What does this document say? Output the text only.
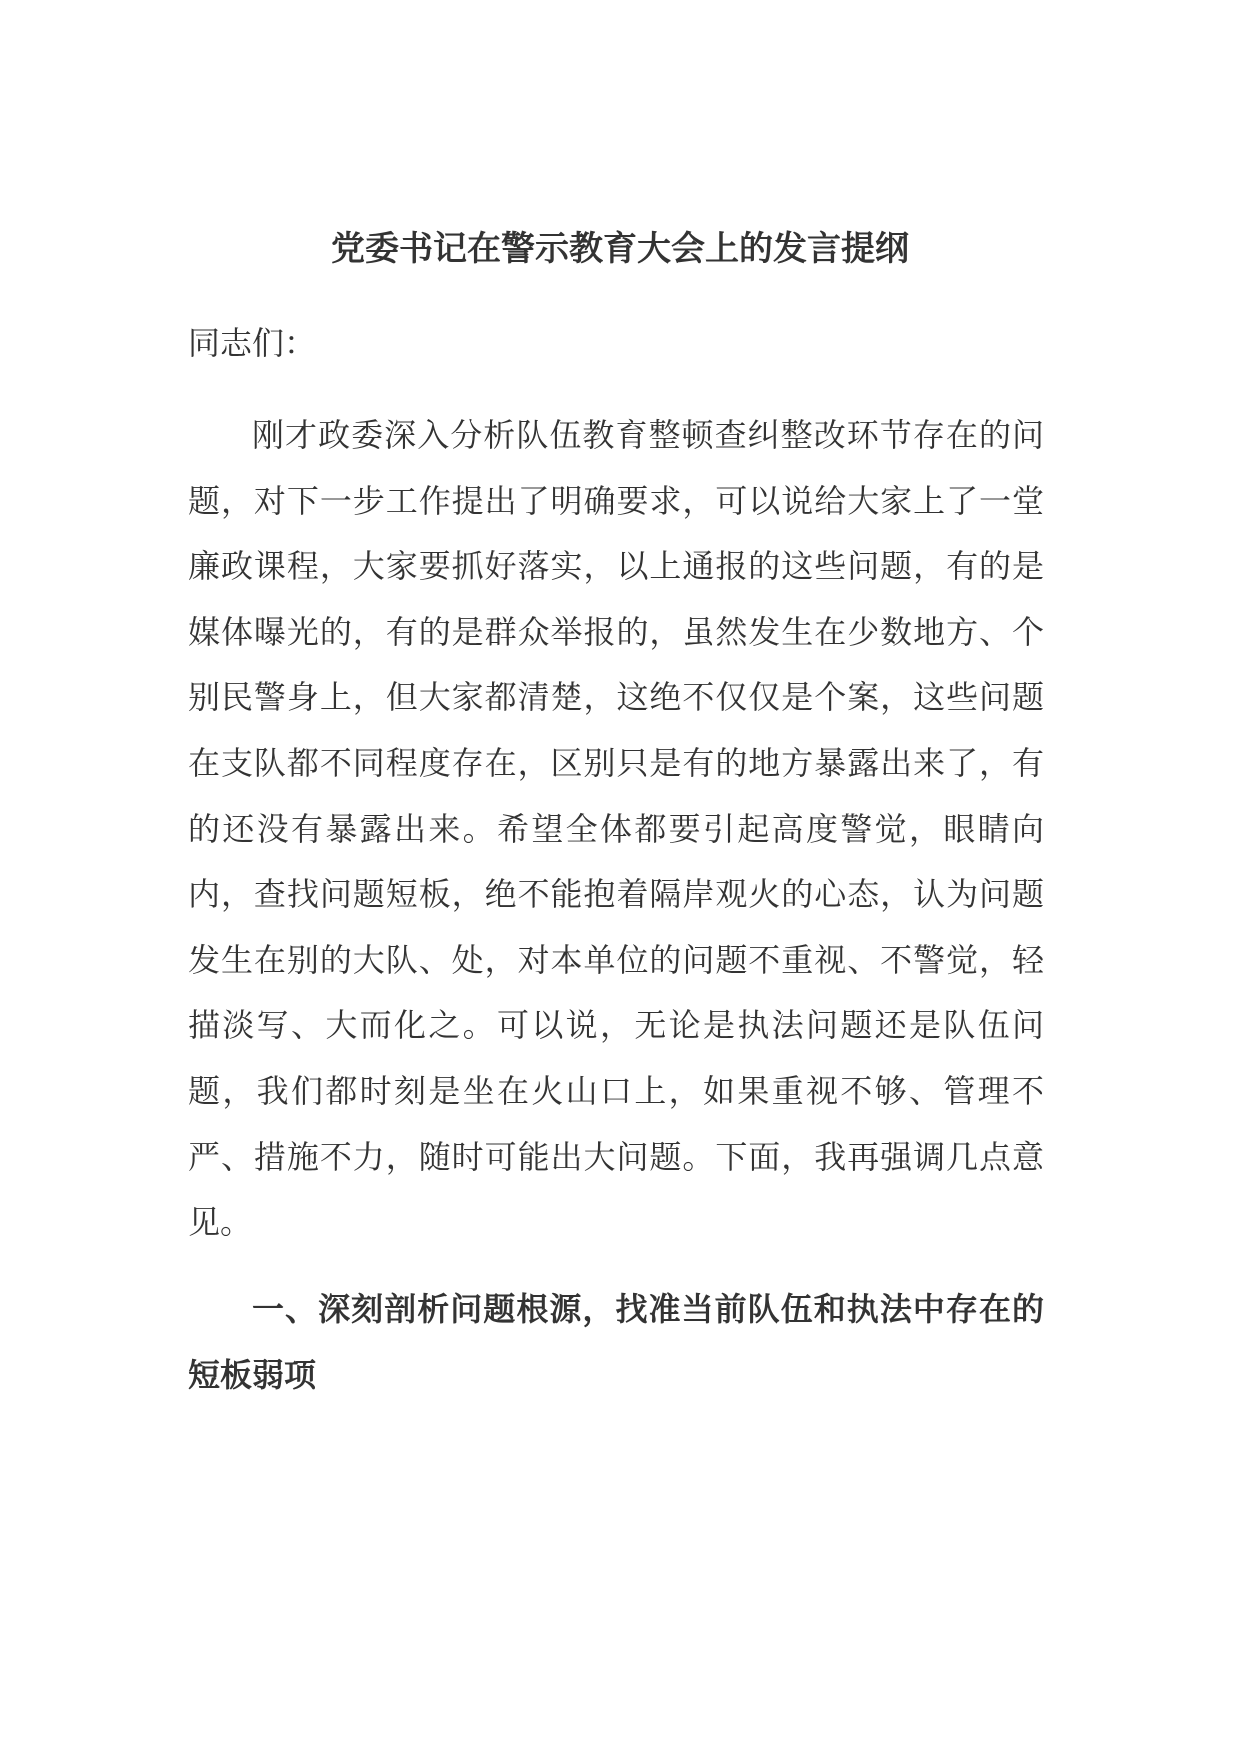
党委书记在警示教育大会上的发言提纲

同志们：

刚才政委深入分析队伍教育整顿查纠整改环节存在的问题，对下一步工作提出了明确要求，可以说给大家上了一堂廉政课程，大家要抓好落实，以上通报的这些问题，有的是媒体曝光的，有的是群众举报的，虽然发生在少数地方、个别民警身上，但大家都清楚，这绝不仅仅是个案，这些问题在支队都不同程度存在，区别只是有的地方暴露出来了，有的还没有暴露出来。希望全体都要引起高度警觉，眼睛向内，查找问题短板，绝不能抱着隔岸观火的心态，认为问题发生在别的大队、处，对本单位的问题不重视、不警觉，轻描淡写、大而化之。可以说，无论是执法问题还是队伍问题，我们都时刻是坐在火山口上，如果重视不够、管理不严、措施不力，随时可能出大问题。下面，我再强调几点意见。

一、深刻剖析问题根源，找准当前队伍和执法中存在的短板弱项
